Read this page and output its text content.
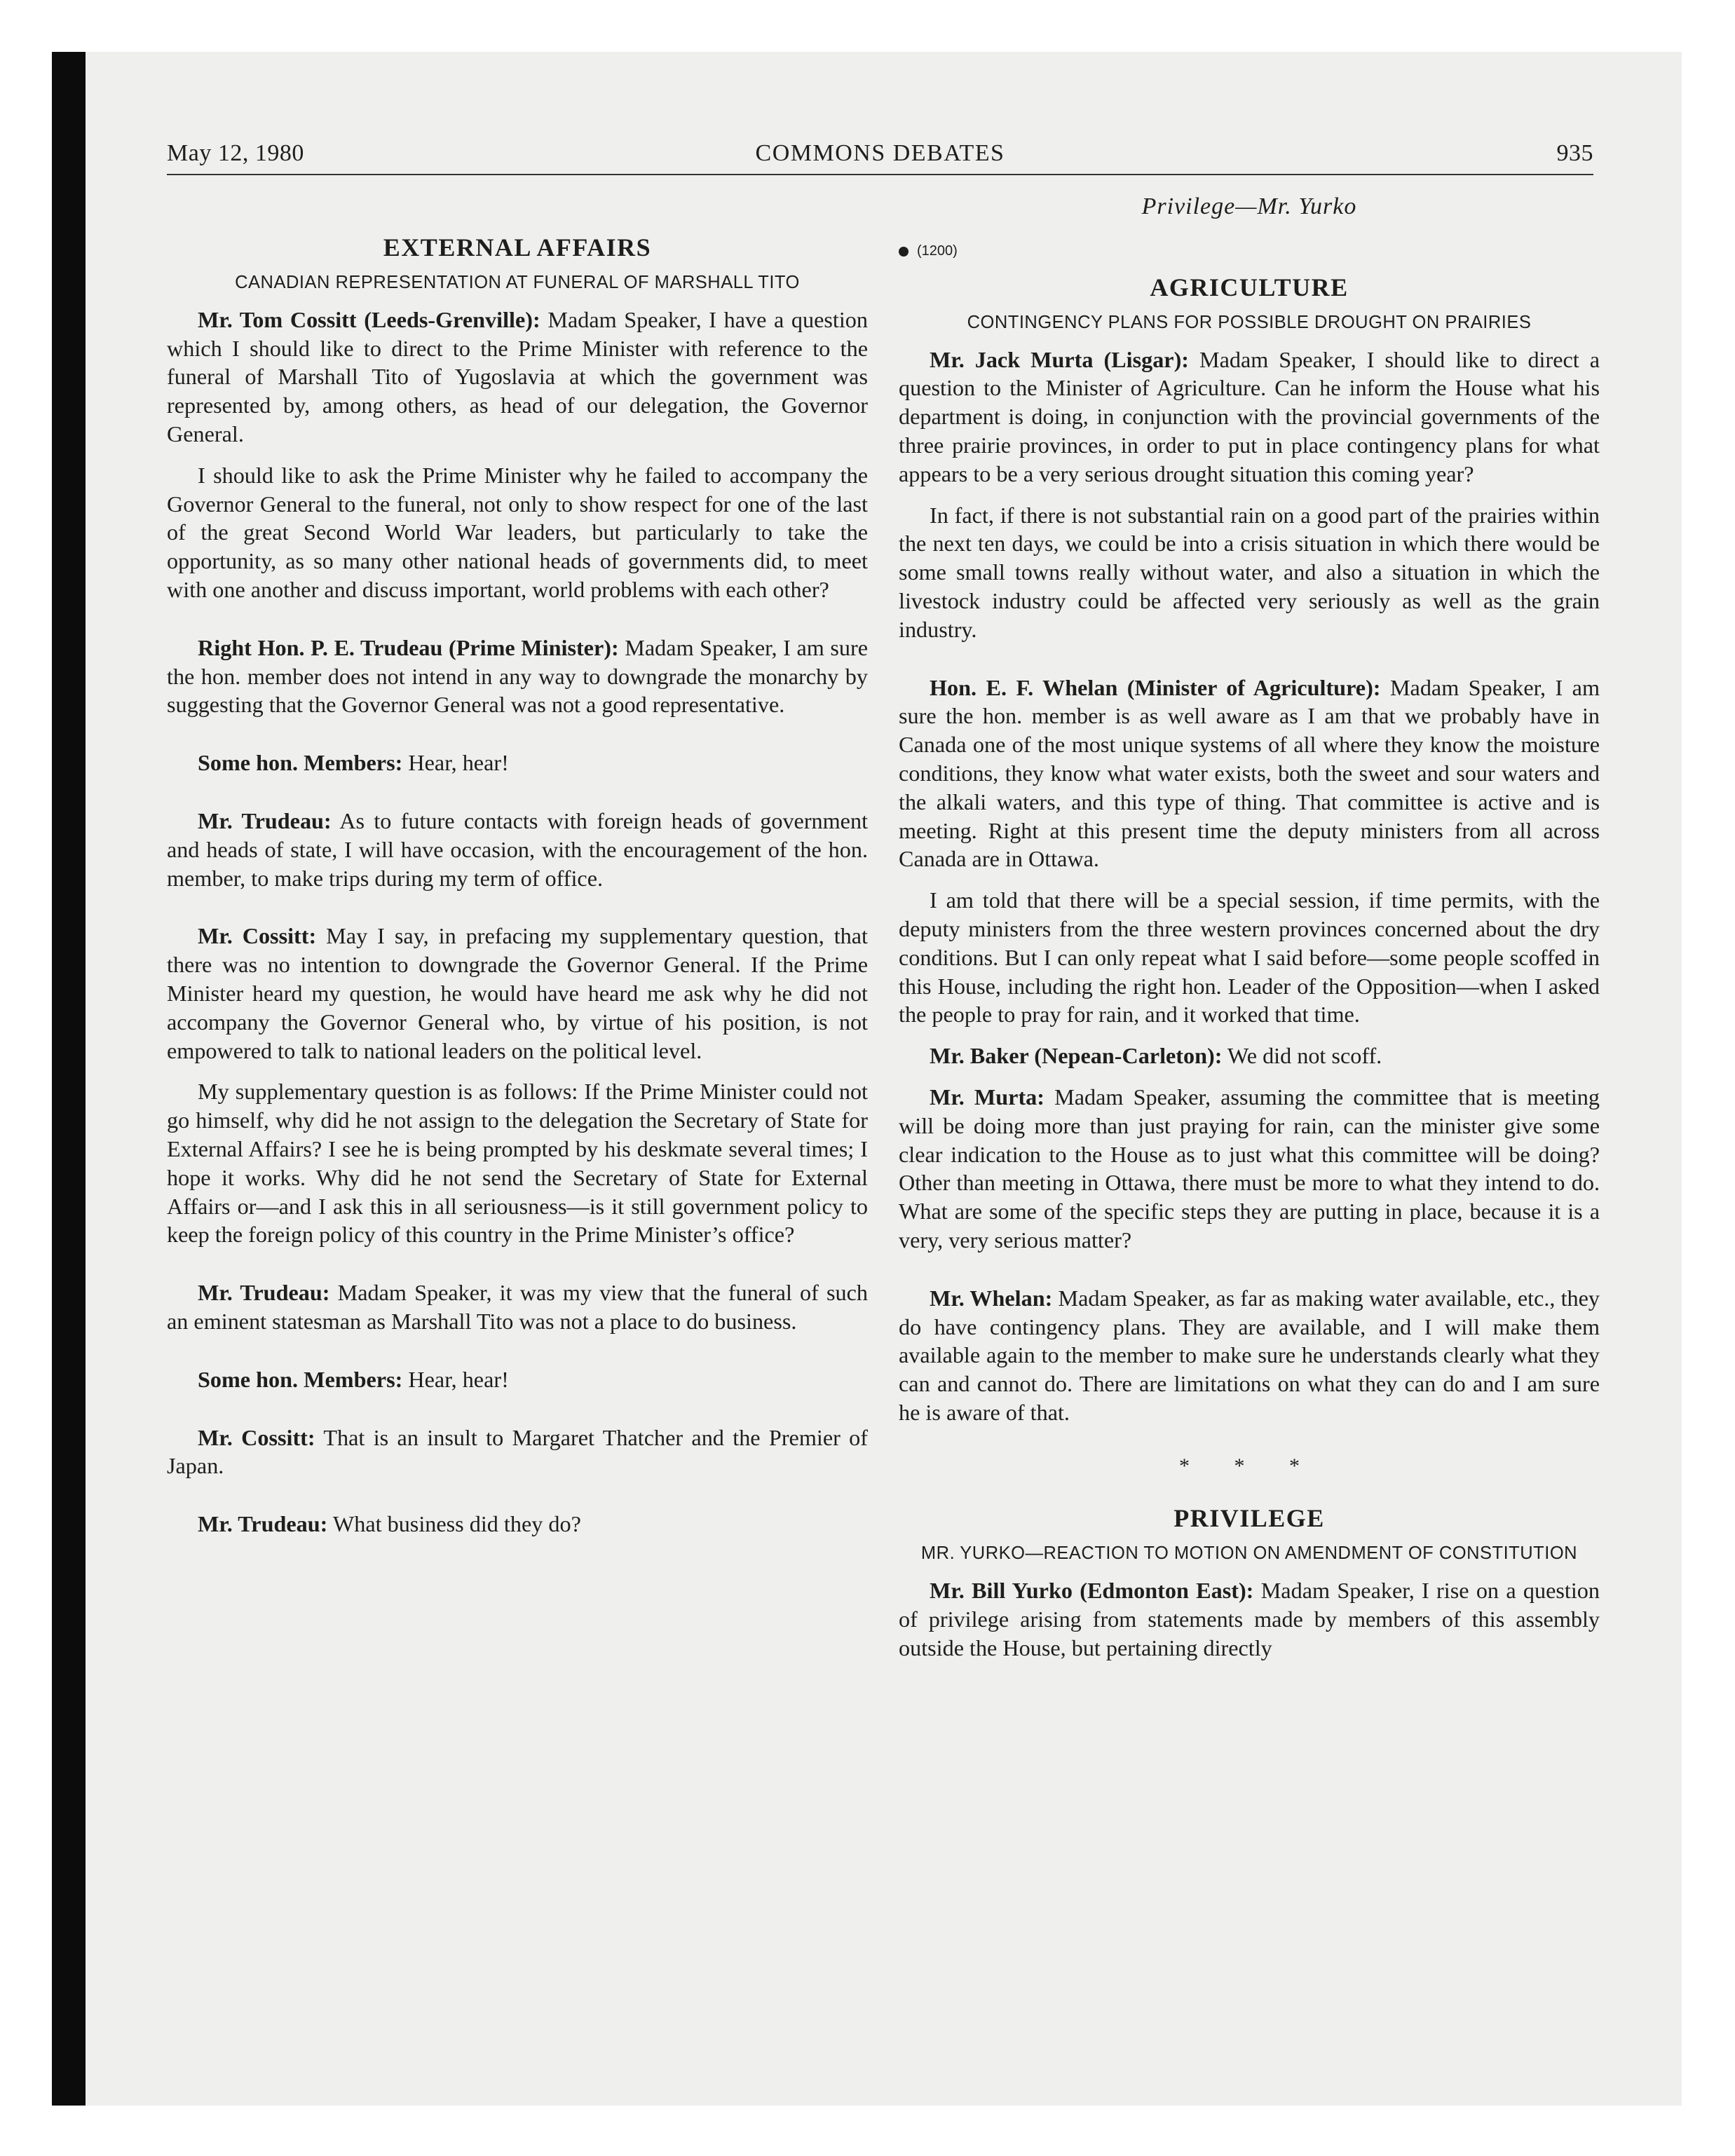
May 12, 1980	COMMONS DEBATES	935
EXTERNAL AFFAIRS
CANADIAN REPRESENTATION AT FUNERAL OF MARSHALL TITO

Mr. Tom Cossitt (Leeds-Grenville): Madam Speaker, I have a question which I should like to direct to the Prime Minister with reference to the funeral of Marshall Tito of Yugoslavia at which the government was represented by, among others, as head of our delegation, the Governor General.

I should like to ask the Prime Minister why he failed to accompany the Governor General to the funeral, not only to show respect for one of the last of the great Second World War leaders, but particularly to take the opportunity, as so many other national heads of governments did, to meet with one another and discuss important, world problems with each other?

Right Hon. P. E. Trudeau (Prime Minister): Madam Speaker, I am sure the hon. member does not intend in any way to downgrade the monarchy by suggesting that the Governor General was not a good representative.

Some hon. Members: Hear, hear!

Mr. Trudeau: As to future contacts with foreign heads of government and heads of state, I will have occasion, with the encouragement of the hon. member, to make trips during my term of office.

Mr. Cossitt: May I say, in prefacing my supplementary question, that there was no intention to downgrade the Governor General. If the Prime Minister heard my question, he would have heard me ask why he did not accompany the Governor General who, by virtue of his position, is not empowered to talk to national leaders on the political level.

My supplementary question is as follows: If the Prime Minister could not go himself, why did he not assign to the delegation the Secretary of State for External Affairs? I see he is being prompted by his deskmate several times; I hope it works. Why did he not send the Secretary of State for External Affairs or—and I ask this in all seriousness—is it still government policy to keep the foreign policy of this country in the Prime Minister’s office?

Mr. Trudeau: Madam Speaker, it was my view that the funeral of such an eminent statesman as Marshall Tito was not a place to do business.

Some hon. Members: Hear, hear!

Mr. Cossitt: That is an insult to Margaret Thatcher and the Premier of Japan.

Mr. Trudeau: What business did they do?

Privilege—Mr. Yurko
(1200)
AGRICULTURE
CONTINGENCY PLANS FOR POSSIBLE DROUGHT ON PRAIRIES

Mr. Jack Murta (Lisgar): Madam Speaker, I should like to direct a question to the Minister of Agriculture. Can he inform the House what his department is doing, in conjunction with the provincial governments of the three prairie provinces, in order to put in place contingency plans for what appears to be a very serious drought situation this coming year?

In fact, if there is not substantial rain on a good part of the prairies within the next ten days, we could be into a crisis situation in which there would be some small towns really without water, and also a situation in which the livestock industry could be affected very seriously as well as the grain industry.

Hon. E. F. Whelan (Minister of Agriculture): Madam Speaker, I am sure the hon. member is as well aware as I am that we probably have in Canada one of the most unique systems of all where they know the moisture conditions, they know what water exists, both the sweet and sour waters and the alkali waters, and this type of thing. That committee is active and is meeting. Right at this present time the deputy ministers from all across Canada are in Ottawa.

I am told that there will be a special session, if time permits, with the deputy ministers from the three western provinces concerned about the dry conditions. But I can only repeat what I said before—some people scoffed in this House, including the right hon. Leader of the Opposition—when I asked the people to pray for rain, and it worked that time.

Mr. Baker (Nepean-Carleton): We did not scoff.

Mr. Murta: Madam Speaker, assuming the committee that is meeting will be doing more than just praying for rain, can the minister give some clear indication to the House as to just what this committee will be doing? Other than meeting in Ottawa, there must be more to what they intend to do. What are some of the specific steps they are putting in place, because it is a very, very serious matter?

Mr. Whelan: Madam Speaker, as far as making water available, etc., they do have contingency plans. They are available, and I will make them available again to the member to make sure he understands clearly what they can and cannot do. There are limitations on what they can do and I am sure he is aware of that.

* * *
PRIVILEGE
MR. YURKO—REACTION TO MOTION ON AMENDMENT OF CONSTITUTION

Mr. Bill Yurko (Edmonton East): Madam Speaker, I rise on a question of privilege arising from statements made by members of this assembly outside the House, but pertaining directly
